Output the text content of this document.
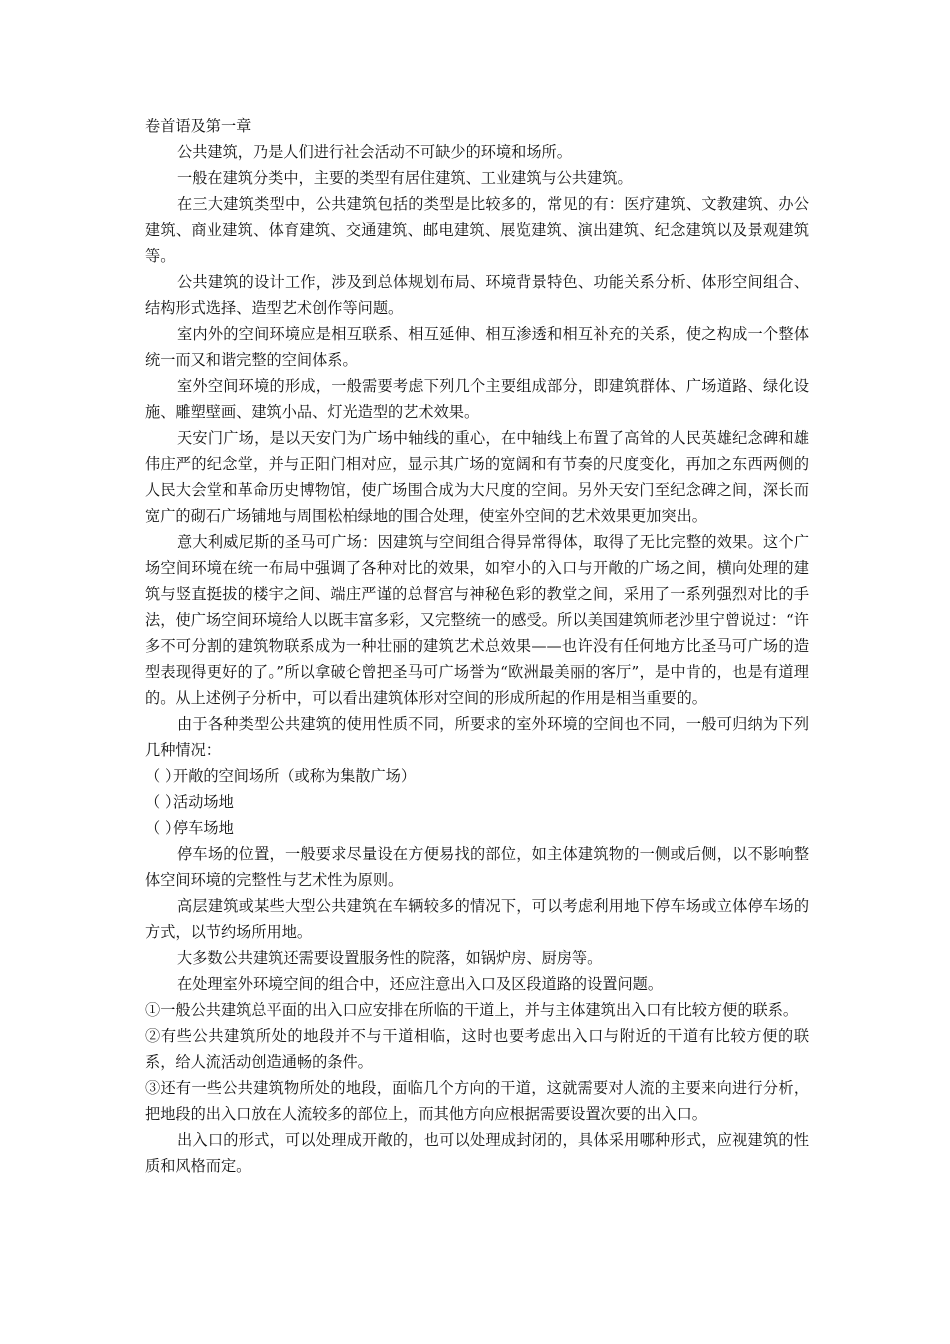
卷首语及第一章

公共建筑，乃是人们进行社会活动不可缺少的环境和场所。

一般在建筑分类中，主要的类型有居住建筑、工业建筑与公共建筑。

在三大建筑类型中，公共建筑包括的类型是比较多的，常见的有：医疗建筑、文教建筑、办公建筑、商业建筑、体育建筑、交通建筑、邮电建筑、展览建筑、演出建筑、纪念建筑以及景观建筑等。

公共建筑的设计工作，涉及到总体规划布局、环境背景特色、功能关系分析、体形空间组合、结构形式选择、造型艺术创作等问题。

室内外的空间环境应是相互联系、相互延伸、相互渗透和相互补充的关系，使之构成一个整体统一而又和谐完整的空间体系。

室外空间环境的形成，一般需要考虑下列几个主要组成部分，即建筑群体、广场道路、绿化设施、雕塑壁画、建筑小品、灯光造型的艺术效果。

天安门广场，是以天安门为广场中轴线的重心，在中轴线上布置了高耸的人民英雄纪念碑和雄伟庄严的纪念堂，并与正阳门相对应，显示其广场的宽阔和有节奏的尺度变化，再加之东西两侧的人民大会堂和革命历史博物馆，使广场围合成为大尺度的空间。另外天安门至纪念碑之间，深长而宽广的砌石广场铺地与周围松柏绿地的围合处理，使室外空间的艺术效果更加突出。

意大利威尼斯的圣马可广场：因建筑与空间组合得异常得体，取得了无比完整的效果。这个广场空间环境在统一布局中强调了各种对比的效果，如窄小的入口与开敞的广场之间，横向处理的建筑与竖直挺拔的楼宇之间、端庄严谨的总督宫与神秘色彩的教堂之间，采用了一系列强烈对比的手法，使广场空间环境给人以既丰富多彩，又完整统一的感受。所以美国建筑师老沙里宁曾说过：“许多不可分割的建筑物联系成为一种壮丽的建筑艺术总效果——也许没有任何地方比圣马可广场的造型表现得更好的了。”所以拿破仑曾把圣马可广场誉为“欧洲最美丽的客厅”，是中肯的，也是有道理的。从上述例子分析中，可以看出建筑体形对空间的形成所起的作用是相当重要的。

由于各种类型公共建筑的使用性质不同，所要求的室外环境的空间也不同，一般可归纳为下列几种情况：

（ ）开敞的空间场所（或称为集散广场）

（ ）活动场地

（ ）停车场地

停车场的位置，一般要求尽量设在方便易找的部位，如主体建筑物的一侧或后侧，以不影响整体空间环境的完整性与艺术性为原则。

高层建筑或某些大型公共建筑在车辆较多的情况下，可以考虑利用地下停车场或立体停车场的方式，以节约场所用地。

大多数公共建筑还需要设置服务性的院落，如锅炉房、厨房等。

在处理室外环境空间的组合中，还应注意出入口及区段道路的设置问题。

①一般公共建筑总平面的出入口应安排在所临的干道上，并与主体建筑出入口有比较方便的联系。

②有些公共建筑所处的地段并不与干道相临，这时也要考虑出入口与附近的干道有比较方便的联系，给人流活动创造通畅的条件。

③还有一些公共建筑物所处的地段，面临几个方向的干道，这就需要对人流的主要来向进行分析，把地段的出入口放在人流较多的部位上，而其他方向应根据需要设置次要的出入口。

出入口的形式，可以处理成开敞的，也可以处理成封闭的，具体采用哪种形式，应视建筑的性质和风格而定。
